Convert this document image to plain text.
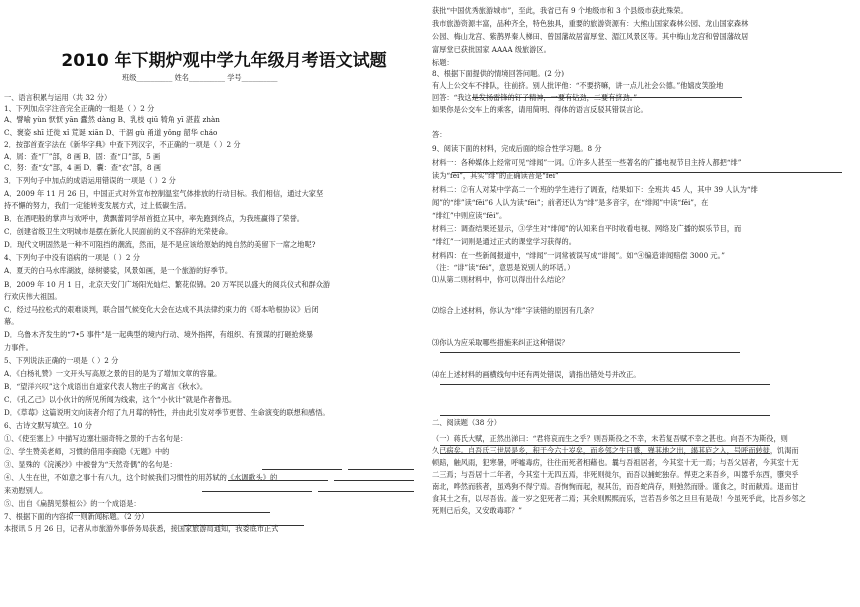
2010 年下期炉观中学九年级月考语文试题
班级__________ 姓名__________ 学号__________
一、语言积累与运用（共 32 分）
1、下列加点字注音完全正确的一组是（ ）2 分
A、譬喻 yùn 恹恹 yān 蠹然 dàng B、乳枝 qiū 犄角 yī 湛蓝 zhàn
C、褒姿 shī 迁徙 xǐ 荒诞 xiān D、干涸 gù 甬道 yǒng 韶华 cháo
2．按部首查字法在《新华字典》中查下列汉字，不正确的一项是（ ）2 分
A．屑：查“厂”部，8 画 B．固：查“口”部，5 画
C．努：查“女”部，4 画 D．囊：查“衣”部，8 画
3．下列句子中加点的成语运用错误的一项是（ ）2 分
A．2009 年 11 月 26 日，中国正式对外宣布控制温室气体排放的行动目标。我们相信，通过大家坚
持不懈的努力，我们一定能转变发展方式，过上低碳生活。
B．在酒吧般的掌声与欢呼中，黄飘蕾同学昂首挺立其中，率先跑到终点，为我班赢得了荣誉。
C．创建省级卫生文明城市是摆在新化人民面前的义不容辞的光荣使命。
D．现代文明固然是一种不可阻挡的潮流，然而，是不是应该给原始的纯自然的美留下一席之地呢?
4、下列句子中没有语病的一项是（ ）2 分
A．夏天的白马水库湖波，绿树婆娑，风景如画，是一个旅游的好季节。
B．2009 年 10 月 1 日，北京天安门广场阳光灿烂、繁花似锦。20 万军民以盛大的阅兵仪式和群众游
行欢庆伟大祖国。
C．经过马拉松式的艰难谈判，联合国气候变化大会在达成不具法律约束力的《哥本哈根协议》后闭
幕。
D．乌鲁木齐发生的“7•5 事件”是一起典型的境内行动、境外指挥，有组织、有预谋的打砸抢烧暴
力事件。
5、下列说法正确的一项是（ ）2 分
A．《白杨礼赞》一文开头写高原之景的目的是为了增加文章的容量。
B．“望洋兴叹”这个成语出自道家代表人物庄子的寓言《秋水》。
C．《孔乙己》以小伙计的所见所闻为线索，这个“小伙计”就是作者鲁迅。
D．《草莓》这篇说明文向读者介绍了九月莓的特性，并由此引发对季节更替、生命演变的联想和感悟。
6、古诗文默写填空。10 分
①、《使至塞上》中描写边塞壮丽奇特之景的千古名句是：
②、学生赞美老师，习惯的借用李商隐《无题》中的
③、显殊的《浣溪沙》中被誉为“天然奇偶”的名句是：
④、人生在世，不如意之事十有八九，这个时候我们习惯性的用苏轼的《水调歌头》的
来劝慰别人。
⑤、出自《扁鹊见蔡桓公》的一个成语是：
7、根据下面的内容拟一则新闻标题。（2 分）
本报讯 5 月 26 日，记者从市旅游外事侨务局获悉，接国家旅游局通知，我委底市正式
获批“中国优秀旅游城市”，至此，我省已有 9 个地级市和 3 个县级市获此殊荣。
我市旅游资源丰富，品种齐全，特色独具，重要的旅游资源有：大熊山国家森林公园、龙山国家森林
公园、梅山龙宫、紫鹊界秦人梯田、曾国藩故居富厚堂、湄江风景区等。其中梅山龙宫和曾国藩故居
富厚堂已获批国家 AAAA 级旅游区。
标题：
8、根据下面提供的情境回答问题。(2 分)
有人上公交车不排队，往前挤。别人批评他：“不要挤嘛，讲一点儿社会公德。”他嬉皮笑脸地
回答：“我这是发扬雷锋的钉子精神，一要有钻劲，二要有挤劲。”
如果你是公交车上的乘客，请用简明、得体的语言反驳其错误言论。
答：
9、阅读下面的材料，完成后面的综合性学习题。8 分
材料一：各种媒体上经常可见“绯闻”一词。①许多人甚至一些著名的广播电视节目主持人都把“绯”
读为“fěi”，其实“绯”的正确读音是“fēi”
材料二：②有人对某中学高二一个班的学生进行了调查，结果如下：全班共 45 人，其中 39 人认为“绯
闻”的“绯”读“fěi”6 人认为读“fēi”；前者还认为“绯”是多音字，在“绯闻”中读“fěi”，在
“绯红”中则应读“fēi”。
材料三：调查结果还显示，③学生对“绯闻”的认知来自平时收看电视、网络及广播的娱乐节目，而
“绯红”一词则是通过正式的课堂学习获得的。
材料四：在一些新闻报道中，“绯闻”一词常被误写成“诽闻”。如“④编造诽闻赔偿 3000 元。”
（注：“诽”读“fěi”，意思是说别人的坏话。）
⑴从第二则材料中，你可以得出什么结论？
⑵综合上述材料，你认为“绯”字读错的原因有几条？
⑶你认为应采取哪些措施来纠正这种错误？
⑷在上述材料的画横线句中还有两处错误，请指出错处号并改正。
二、阅读题（38 分）
（一）蒋氏大赋，正然出涕曰：“君将哀而生之乎？则吾斯役之不幸，未若复吾赋不幸之甚也。向吾不为斯役，则
久已病矣。自吾氏三世居是乡，积于今六十岁矣，而乡邻之生日蹙，殚其地之出，竭其庐之入，号呼而转徙，饥渴而
顿踣，触风雨，犯寒暑，呼嘘毒疠，往往而死者相藉也。曩与吾祖居者，今其室十无一焉；与吾父居者，今其室十无
二三焉；与吾居十二年者，今其室十无四五焉，非死则徙尔，而吾以捕蛇独存。悍吏之来吾乡，叫嚣乎东西，隳突乎
南北，哗然而骇者，虽鸡狗不得宁焉。吾恂恂而起，视其缶，而吾蛇尚存，则弛然而卧。谨食之，时而献焉。退而甘
食其土之有，以尽吾齿。盖一岁之犯死者二焉；其余则熙熙而乐，岂若吾乡邻之旦旦有是哉！今虽死乎此，比吾乡邻之
死则已后矣，又安敢毒耶？”
